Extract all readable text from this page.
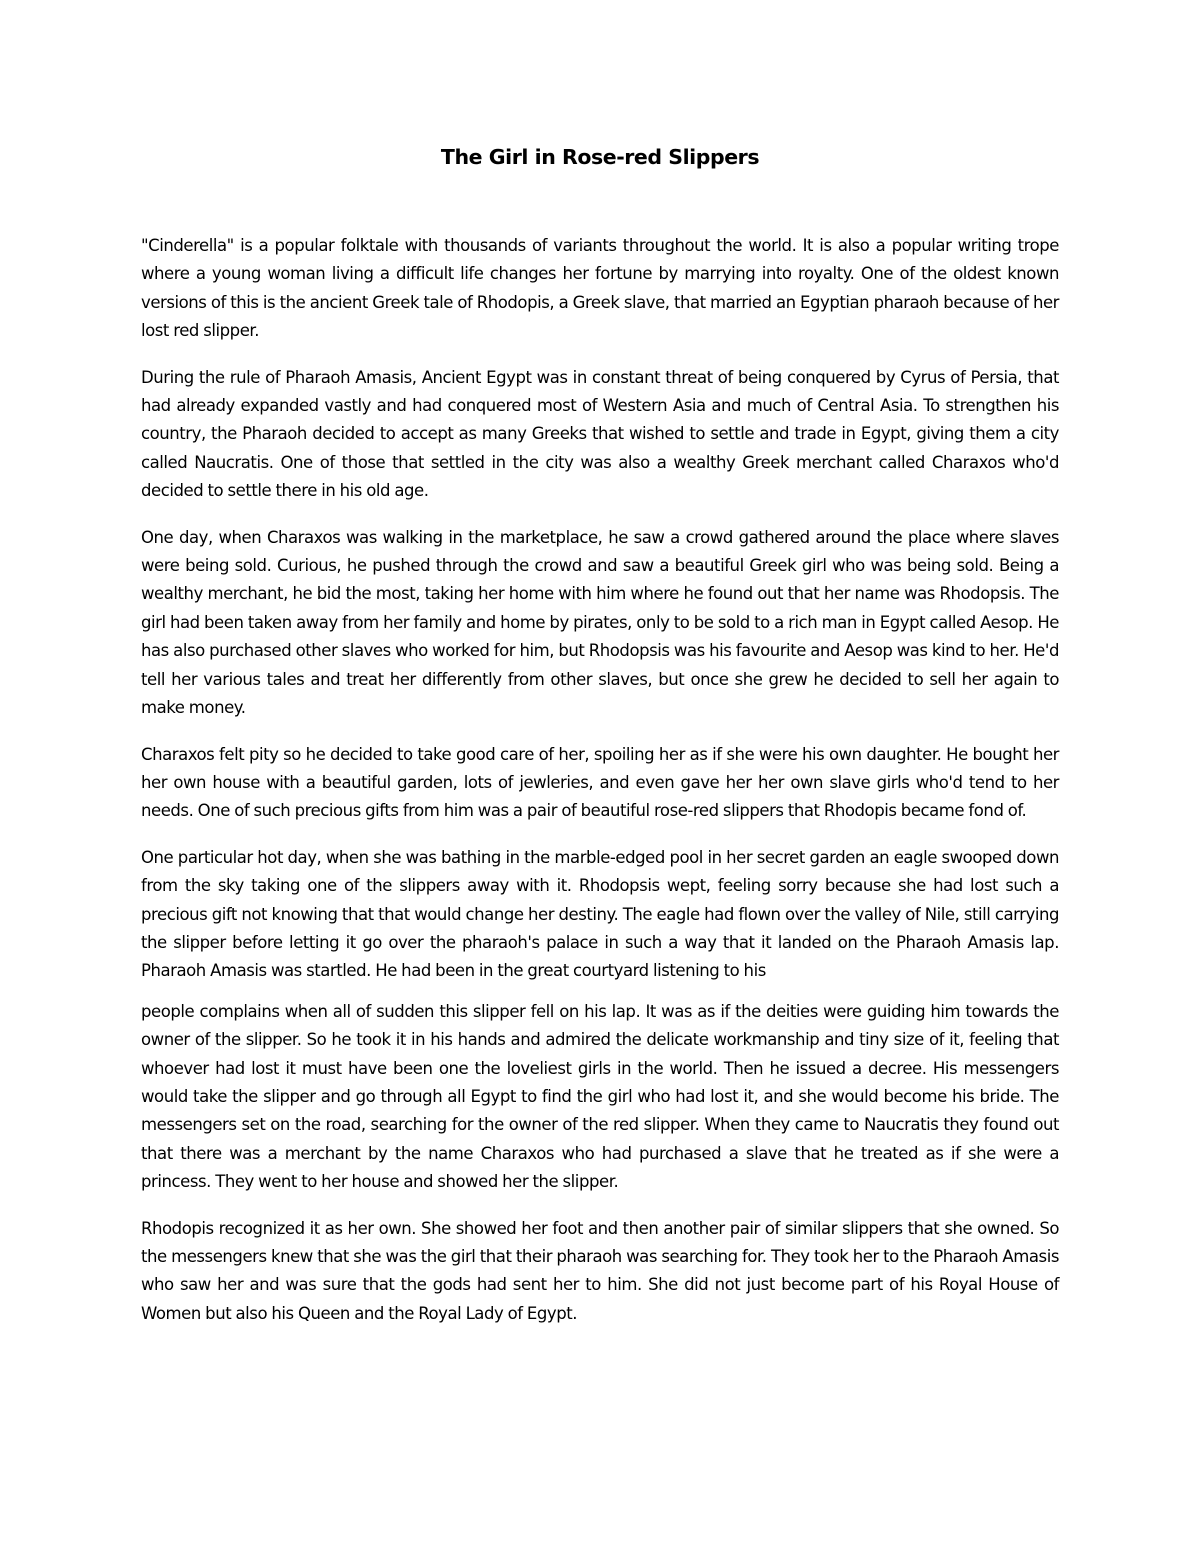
The Girl in Rose-red Slippers

"Cinderella" is a popular folktale with thousands of variants throughout the world. It is also a popular writing trope where a young woman living a difficult life changes her fortune by marrying into royalty. One of the oldest known versions of this is the ancient Greek tale of Rhodopis, a Greek slave, that married an Egyptian pharaoh because of her lost red slipper.

During the rule of Pharaoh Amasis, Ancient Egypt was in constant threat of being conquered by Cyrus of Persia, that had already expanded vastly and had conquered most of Western Asia and much of Central Asia. To strengthen his country, the Pharaoh decided to accept as many Greeks that wished to settle and trade in Egypt, giving them a city called Naucratis. One of those that settled in the city was also a wealthy Greek merchant called Charaxos who'd decided to settle there in his old age.

One day, when Charaxos was walking in the marketplace, he saw a crowd gathered around the place where slaves were being sold. Curious, he pushed through the crowd and saw a beautiful Greek girl who was being sold. Being a wealthy merchant, he bid the most, taking her home with him where he found out that her name was Rhodopsis. The girl had been taken away from her family and home by pirates, only to be sold to a rich man in Egypt called Aesop. He has also purchased other slaves who worked for him, but Rhodopsis was his favourite and Aesop was kind to her. He'd tell her various tales and treat her differently from other slaves, but once she grew he decided to sell her again to make money.

Charaxos felt pity so he decided to take good care of her, spoiling her as if she were his own daughter. He bought her her own house with a beautiful garden, lots of jewleries, and even gave her her own slave girls who'd tend to her needs. One of such precious gifts from him was a pair of beautiful rose-red slippers that Rhodopis became fond of.

One particular hot day, when she was bathing in the marble-edged pool in her secret garden an eagle swooped down from the sky taking one of the slippers away with it. Rhodopsis wept, feeling sorry because she had lost such a precious gift not knowing that that would change her destiny. The eagle had flown over the valley of Nile, still carrying the slipper before letting it go over the pharaoh's palace in such a way that it landed on the Pharaoh Amasis lap. Pharaoh Amasis was startled. He had been in the great courtyard listening to his

people complains when all of sudden this slipper fell on his lap. It was as if the deities were guiding him towards the owner of the slipper. So he took it in his hands and admired the delicate workmanship and tiny size of it, feeling that whoever had lost it must have been one the loveliest girls in the world. Then he issued a decree. His messengers would take the slipper and go through all Egypt to find the girl who had lost it, and she would become his bride. The messengers set on the road, searching for the owner of the red slipper. When they came to Naucratis they found out that there was a merchant by the name Charaxos who had purchased a slave that he treated as if she were a princess. They went to her house and showed her the slipper.

Rhodopis recognized it as her own. She showed her foot and then another pair of similar slippers that she owned. So the messengers knew that she was the girl that their pharaoh was searching for. They took her to the Pharaoh Amasis who saw her and was sure that the gods had sent her to him. She did not just become part of his Royal House of Women but also his Queen and the Royal Lady of Egypt.
